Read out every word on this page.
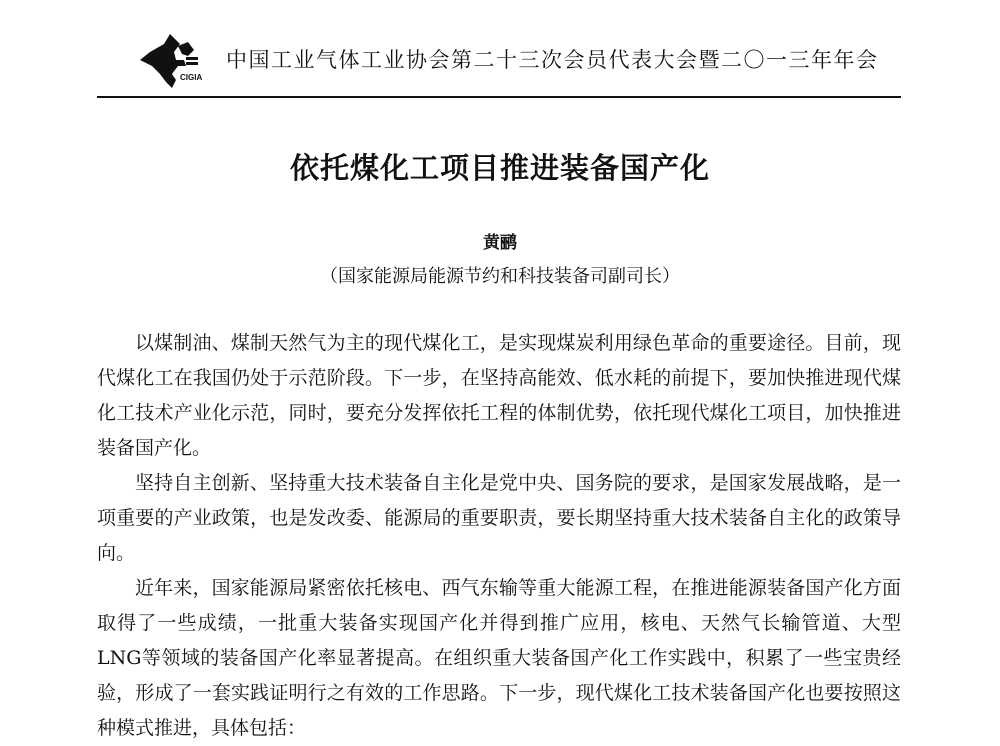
CIGIA
中国工业气体工业协会第二十三次会员代表大会暨二〇一三年年会
依托煤化工项目推进装备国产化
黄鹂
（国家能源局能源节约和科技装备司副司长）

以煤制油、煤制天然气为主的现代煤化工，是实现煤炭利用绿色革命的重要途径。目前，现代煤化工在我国仍处于示范阶段。下一步，在坚持高能效、低水耗的前提下，要加快推进现代煤化工技术产业化示范，同时，要充分发挥依托工程的体制优势，依托现代煤化工项目，加快推进装备国产化。

坚持自主创新、坚持重大技术装备自主化是党中央、国务院的要求，是国家发展战略，是一项重要的产业政策，也是发改委、能源局的重要职责，要长期坚持重大技术装备自主化的政策导向。

近年来，国家能源局紧密依托核电、西气东输等重大能源工程，在推进能源装备国产化方面取得了一些成绩，一批重大装备实现国产化并得到推广应用，核电、天然气长输管道、大型LNG等领域的装备国产化率显著提高。在组织重大装备国产化工作实践中，积累了一些宝贵经验，形成了一套实践证明行之有效的工作思路。下一步，现代煤化工技术装备国产化也要按照这种模式推进，具体包括：
